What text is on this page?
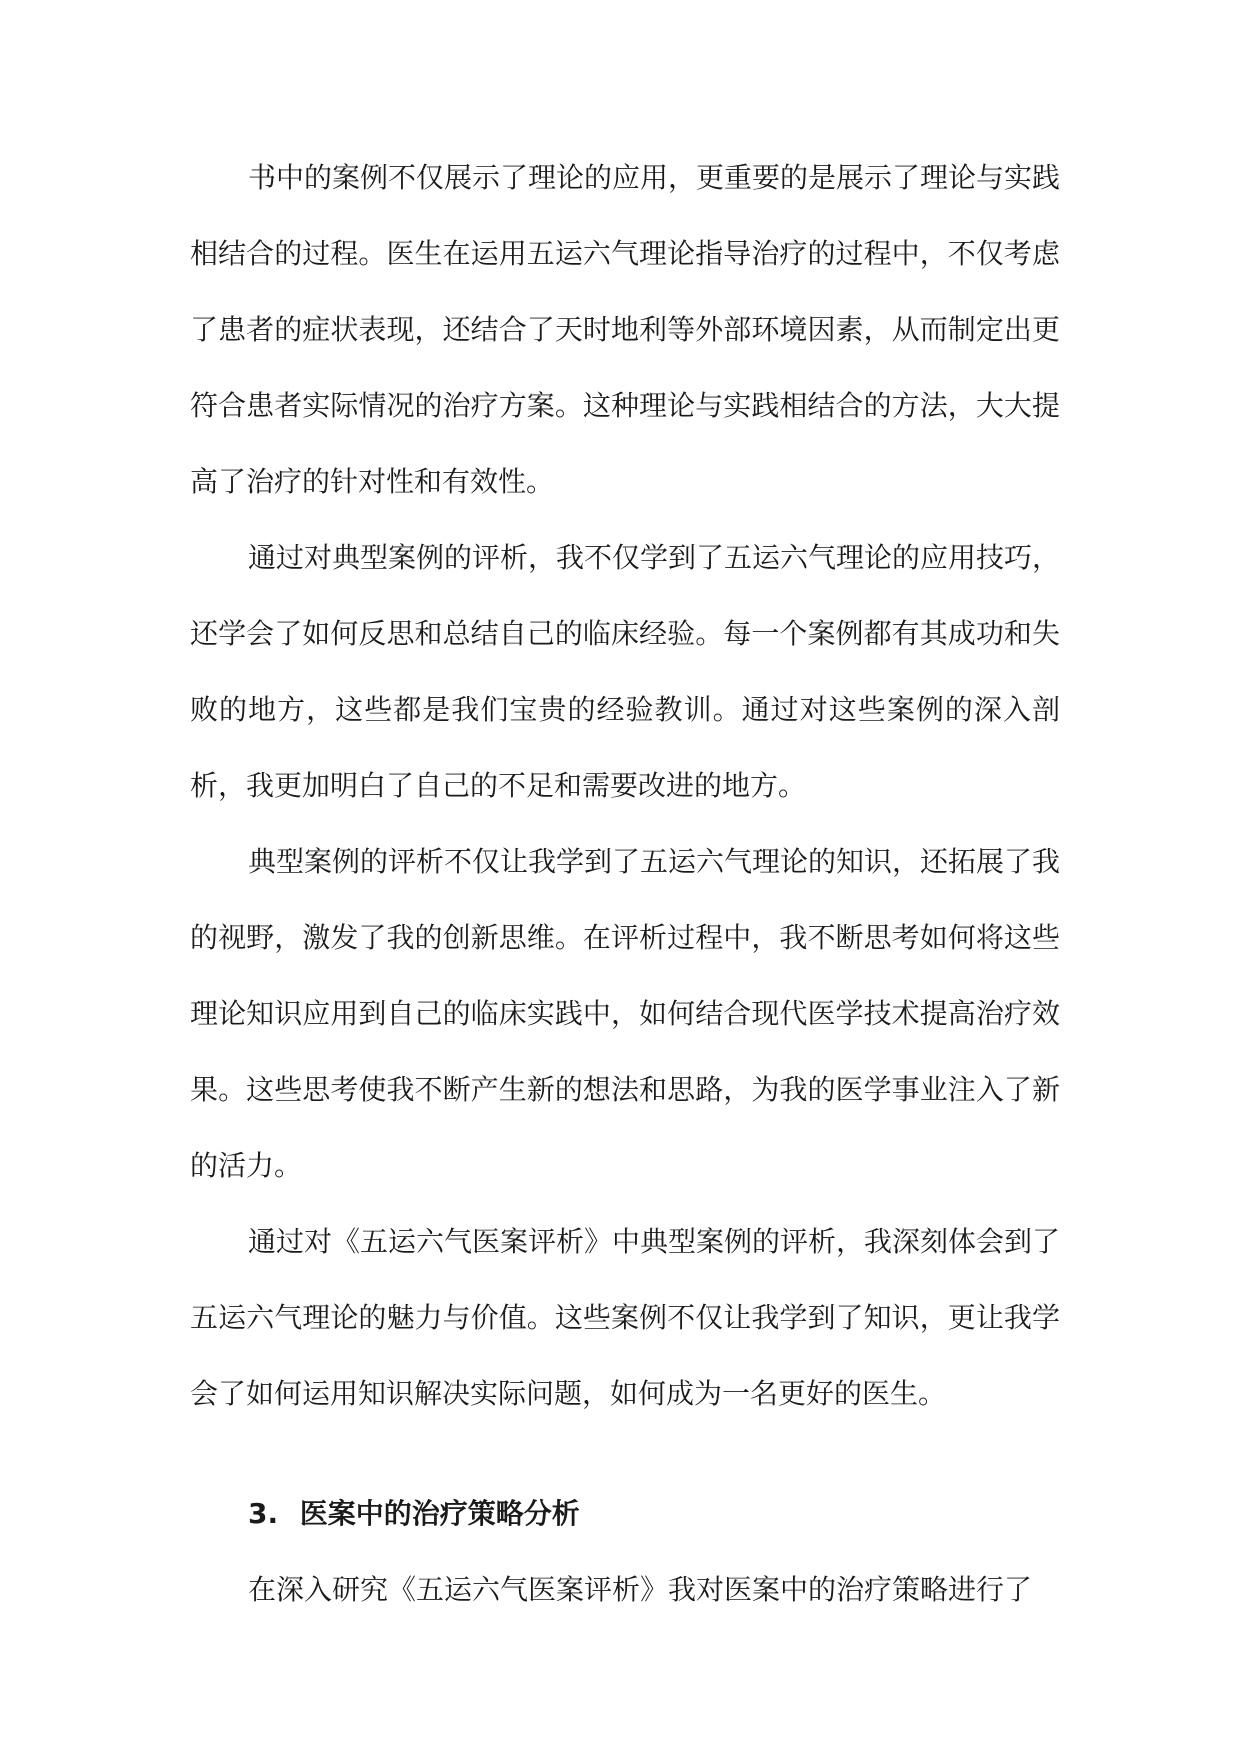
书中的案例不仅展示了理论的应用，更重要的是展示了理论与实践相结合的过程。医生在运用五运六气理论指导治疗的过程中，不仅考虑了患者的症状表现，还结合了天时地利等外部环境因素，从而制定出更符合患者实际情况的治疗方案。这种理论与实践相结合的方法，大大提高了治疗的针对性和有效性。

通过对典型案例的评析，我不仅学到了五运六气理论的应用技巧，还学会了如何反思和总结自己的临床经验。每一个案例都有其成功和失败的地方，这些都是我们宝贵的经验教训。通过对这些案例的深入剖析，我更加明白了自己的不足和需要改进的地方。

典型案例的评析不仅让我学到了五运六气理论的知识，还拓展了我的视野，激发了我的创新思维。在评析过程中，我不断思考如何将这些理论知识应用到自己的临床实践中，如何结合现代医学技术提高治疗效果。这些思考使我不断产生新的想法和思路，为我的医学事业注入了新的活力。

通过对《五运六气医案评析》中典型案例的评析，我深刻体会到了五运六气理论的魅力与价值。这些案例不仅让我学到了知识，更让我学会了如何运用知识解决实际问题，如何成为一名更好的医生。

3. 医案中的治疗策略分析

在深入研究《五运六气医案评析》我对医案中的治疗策略进行了
